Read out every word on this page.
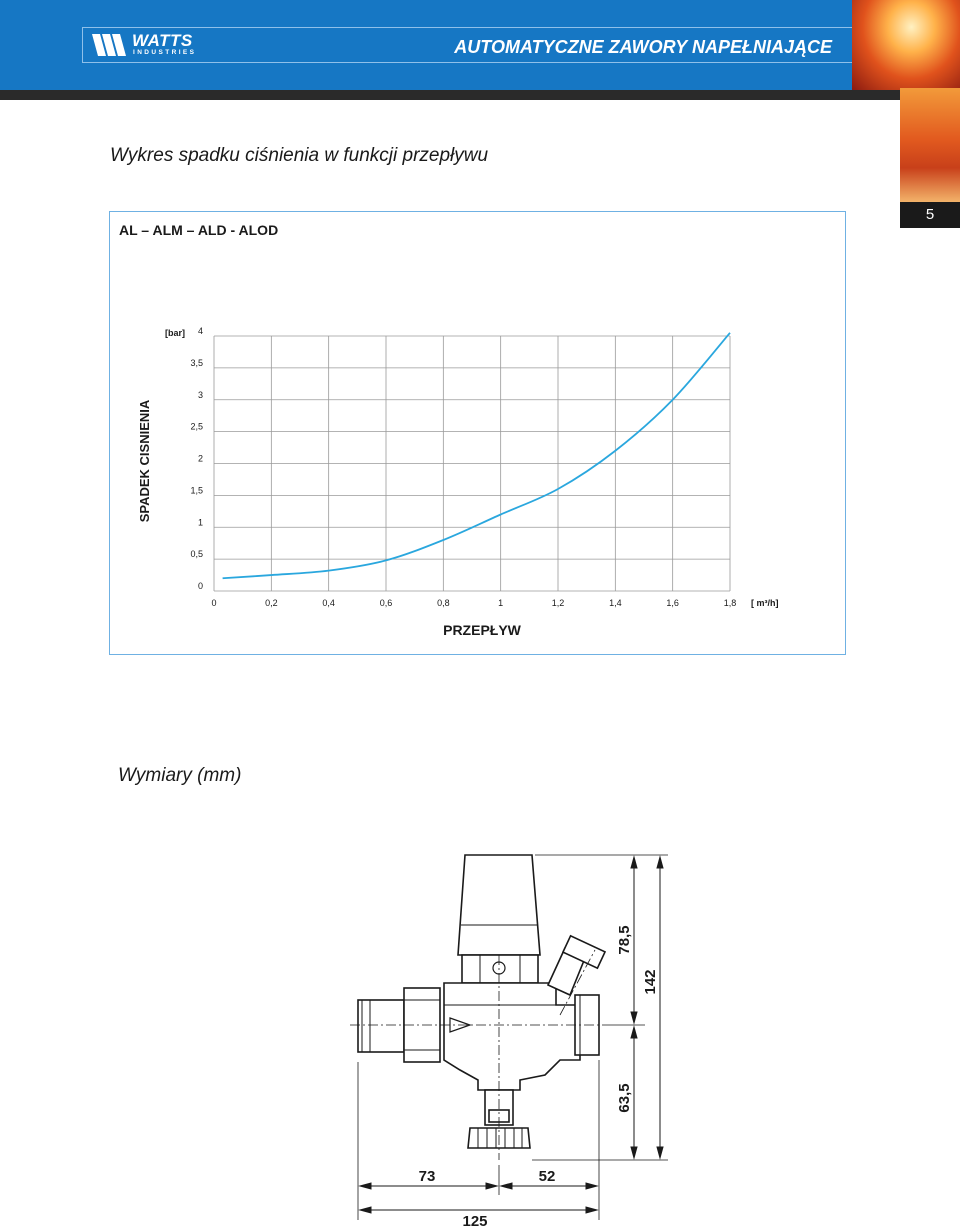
WATTS
INDUSTRIES	AUTOMATYCZNE ZAWORY NAPEŁNIAJĄCE
5
Wykres spadku ciśnienia w funkcji przepływu
0
0,5
1
1,5
2
2,5
3
3,5
4
0	0,2	0,4	0,6	0,8	1	1,2	1,4	1,6	1,8
[bar]
[ m³/h]
PRZEPŁYW
SPADEK CISNIENIA
AL – ALM – ALD - ALOD
Wymiary (mm)
78,5
142
63,5
73	52
125
